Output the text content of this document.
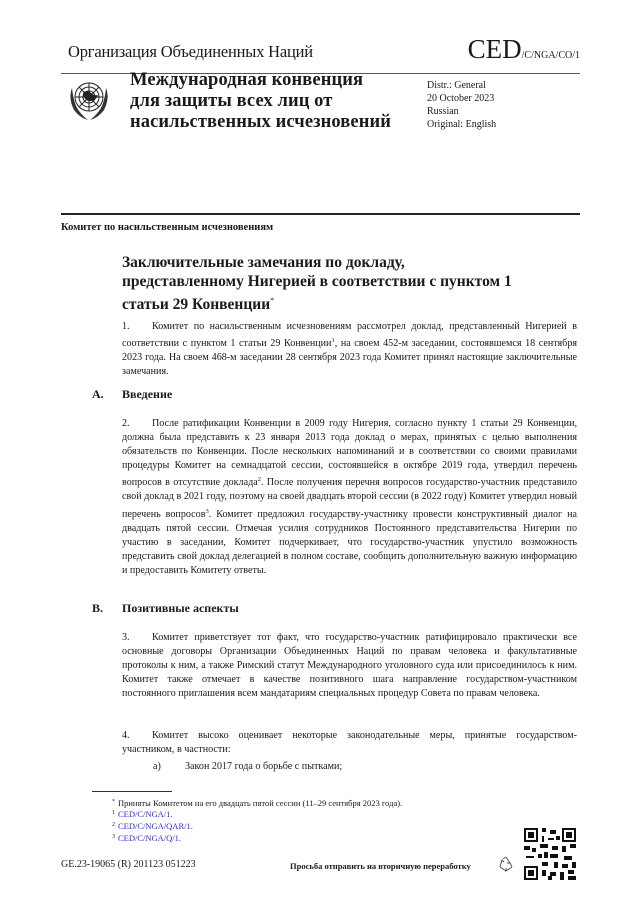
Организация Объединенных Наций	CED/C/NGA/CO/1
Международная конвенция
для защиты всех лиц от
насильственных исчезновений
Distr.: General
20 October 2023
Russian
Original: English
Комитет по насильственным исчезновениям
Заключительные замечания по докладу,
представленному Нигерией в соответствии с пунктом 1
статьи 29 Конвенции*
1. Комитет по насильственным исчезновениям рассмотрел доклад, представленный Нигерией в соответствии с пунктом 1 статьи 29 Конвенции$^1$, на своем 452-м заседании, состоявшемся 18 сентября 2023 года. На своем 468-м заседании 28 сентября 2023 года Комитет принял настоящие заключительные замечания.
A. Введение
2. После ратификации Конвенции в 2009 году Нигерия, согласно пункту 1 статьи 29 Конвенции, должна была представить к 23 января 2013 года доклад о мерах, принятых с целью выполнения обязательств по Конвенции. После нескольких напоминаний и в соответствии со своими правилами процедуры Комитет на семнадцатой сессии, состоявшейся в октябре 2019 года, утвердил перечень вопросов в отсутствие доклада$^2$. После получения перечня вопросов государство-участник представило свой доклад в 2021 году, поэтому на своей двадцать второй сессии (в 2022 году) Комитет утвердил новый перечень вопросов$^3$. Комитет предложил государству-участнику провести конструктивный диалог на двадцать пятой сессии. Отмечая усилия сотрудников Постоянного представительства Нигерии по участию в заседании, Комитет подчеркивает, что государство-участник упустило возможность представить свой доклад делегацией в полном составе, сообщить дополнительную важную информацию и предоставить Комитету ответы.
B. Позитивные аспекты
3. Комитет приветствует тот факт, что государство-участник ратифицировало практически все основные договоры Организации Объединенных Наций по правам человека и факультативные протоколы к ним, а также Римский статут Международного уголовного суда или присоединилось к ним. Комитет также отмечает в качестве позитивного шага направление государством-участником постоянного приглашения всем мандатариям специальных процедур Совета по правам человека.
4. Комитет высоко оценивает некоторые законодательные меры, принятые государством-участником, в частности:
a) Закон 2017 года о борьбе с пытками;
* Приняты Комитетом на его двадцать пятой сессии (11–29 сентября 2023 года).
$^1$ CED/C/NGA/1.
$^2$ CED/C/NGA/QAR/1.
$^3$ CED/C/NGA/Q/1.
GE.23-19065 (R) 201123 051223	Просьба отправить на вторичную переработку
